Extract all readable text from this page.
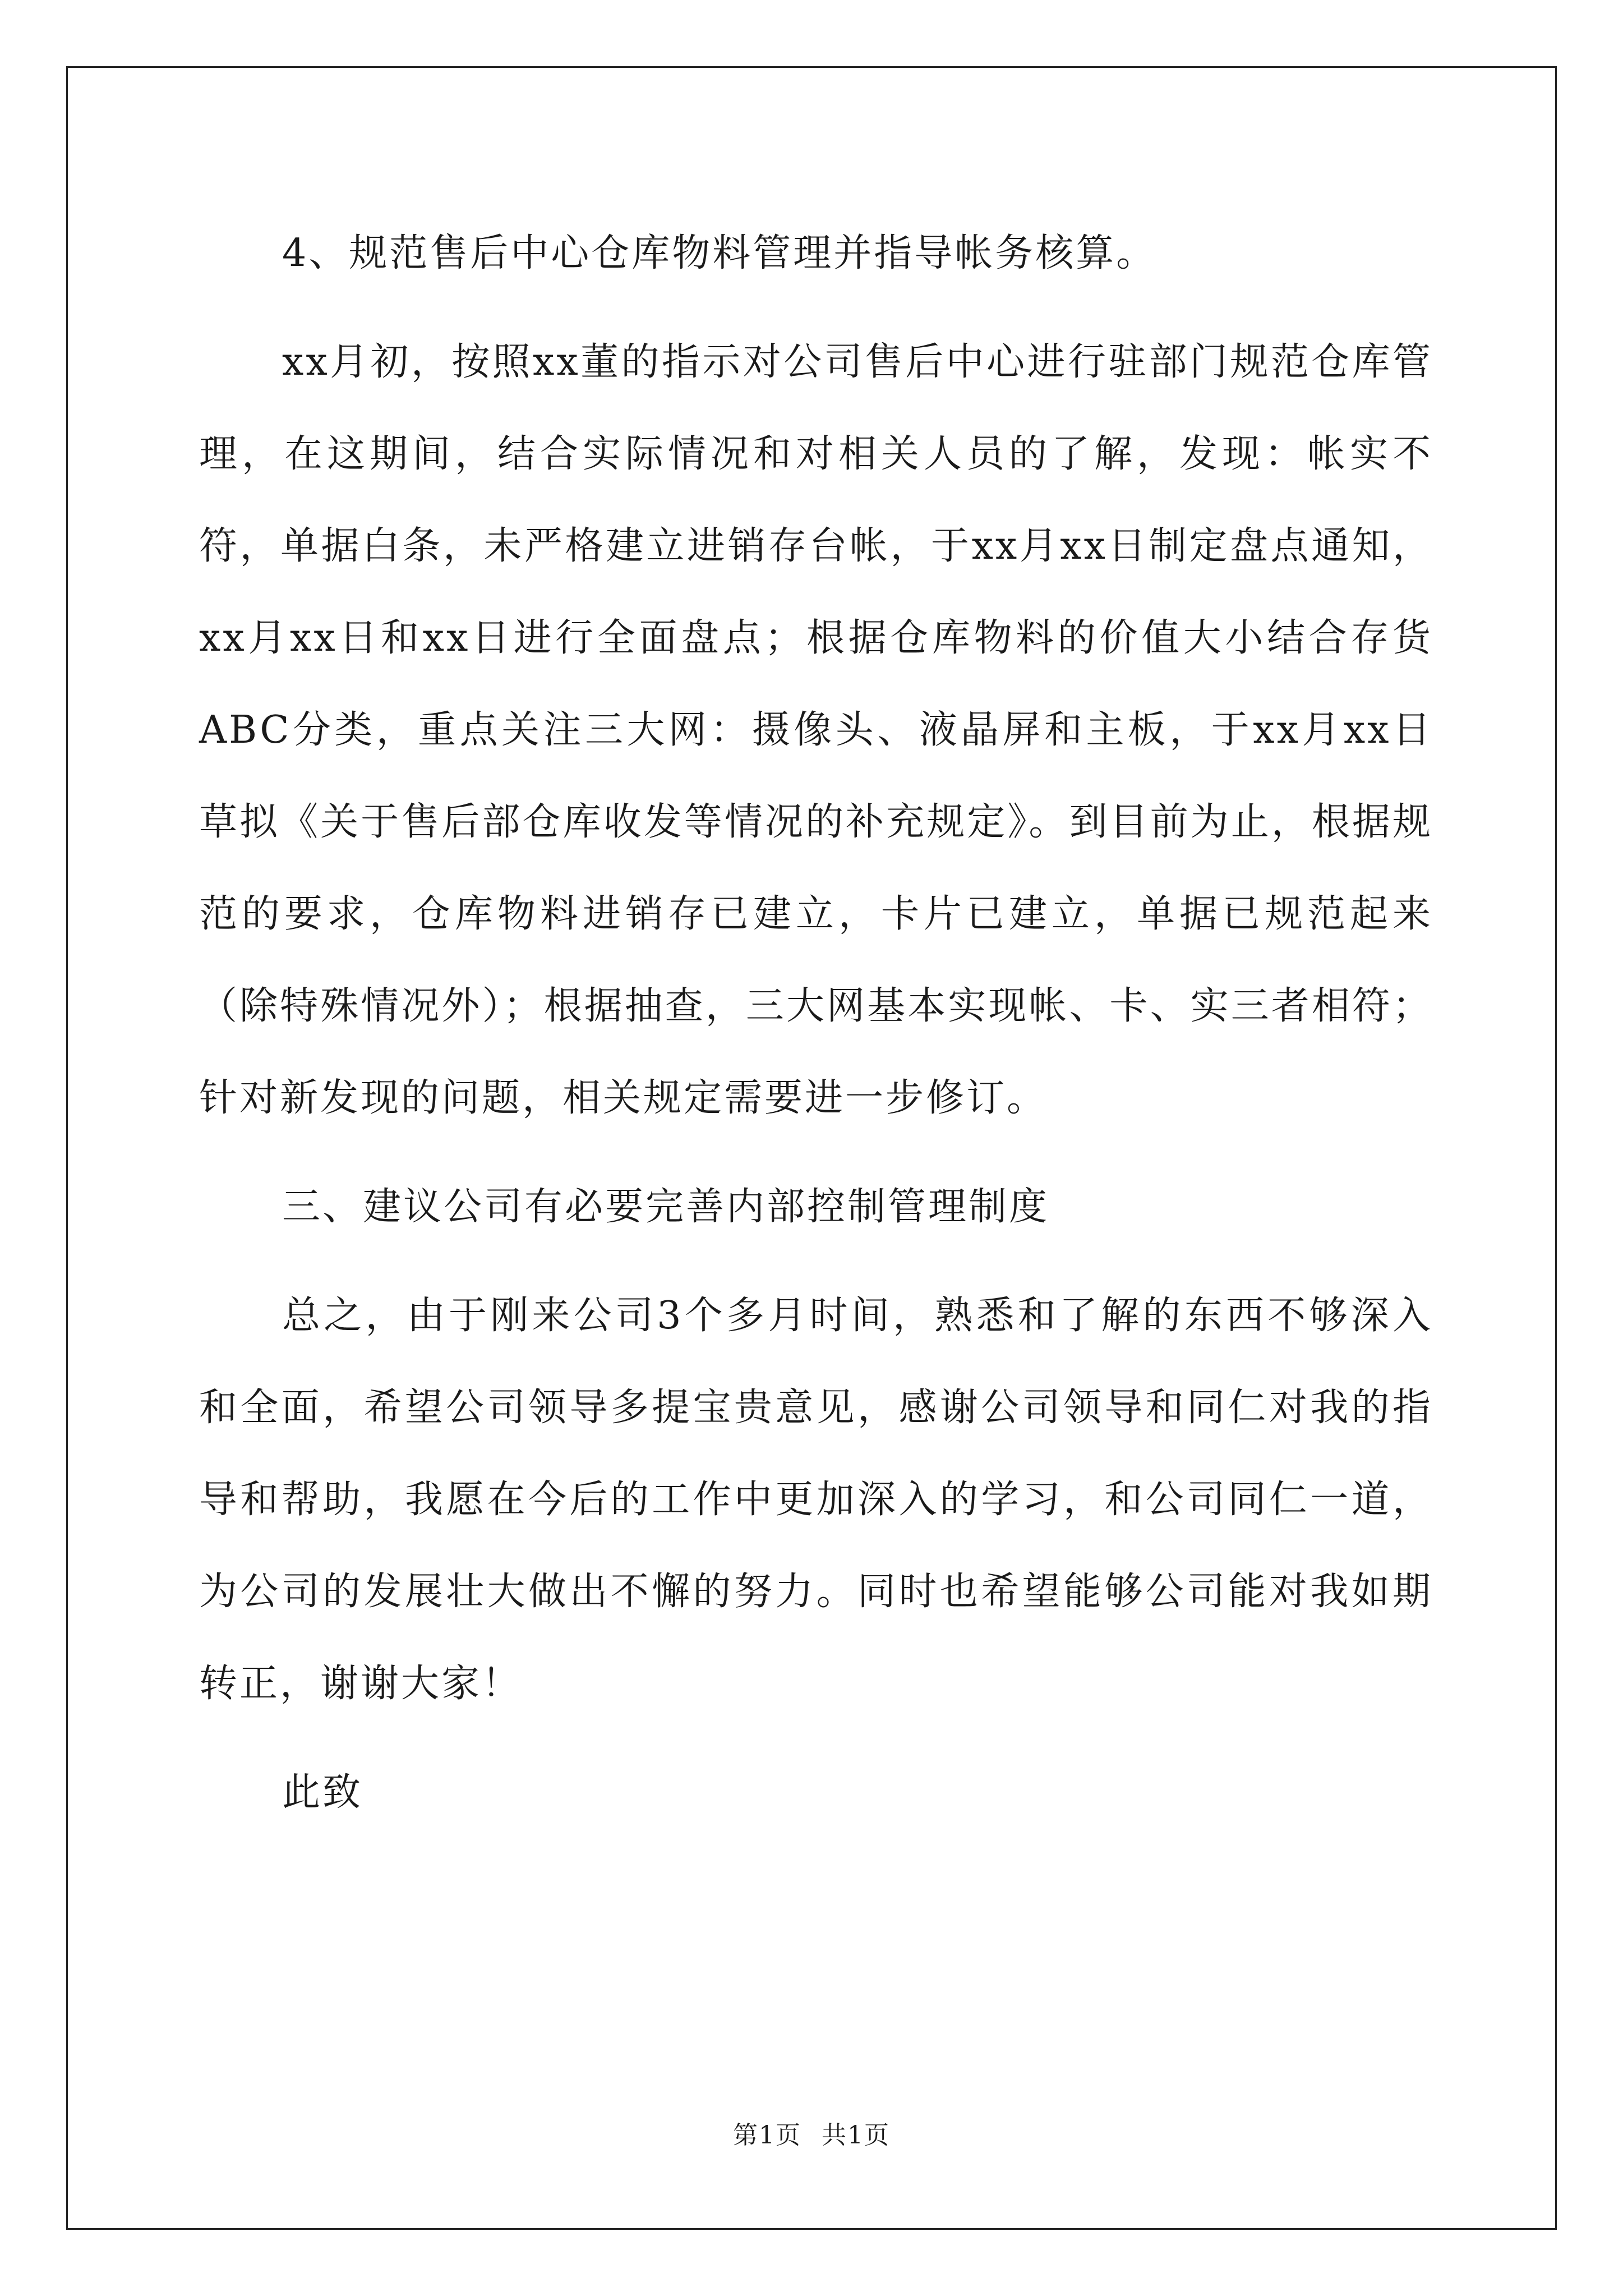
4、规范售后中心仓库物料管理并指导帐务核算。

xx月初，按照xx董的指示对公司售后中心进行驻部门规范仓库管理，在这期间，结合实际情况和对相关人员的了解，发现：帐实不符，单据白条，未严格建立进销存台帐，于xx月xx日制定盘点通知，xx月xx日和xx日进行全面盘点；根据仓库物料的价值大小结合存货ABC分类，重点关注三大网：摄像头、液晶屏和主板，于xx月xx日草拟《关于售后部仓库收发等情况的补充规定》。到目前为止，根据规范的要求，仓库物料进销存已建立，卡片已建立，单据已规范起来（除特殊情况外）；根据抽查，三大网基本实现帐、卡、实三者相符；针对新发现的问题，相关规定需要进一步修订。

三、建议公司有必要完善内部控制管理制度

总之，由于刚来公司3个多月时间，熟悉和了解的东西不够深入和全面，希望公司领导多提宝贵意见，感谢公司领导和同仁对我的指导和帮助，我愿在今后的工作中更加深入的学习，和公司同仁一道，为公司的发展壮大做出不懈的努力。同时也希望能够公司能对我如期转正，谢谢大家！

此致

第1页 共1页
